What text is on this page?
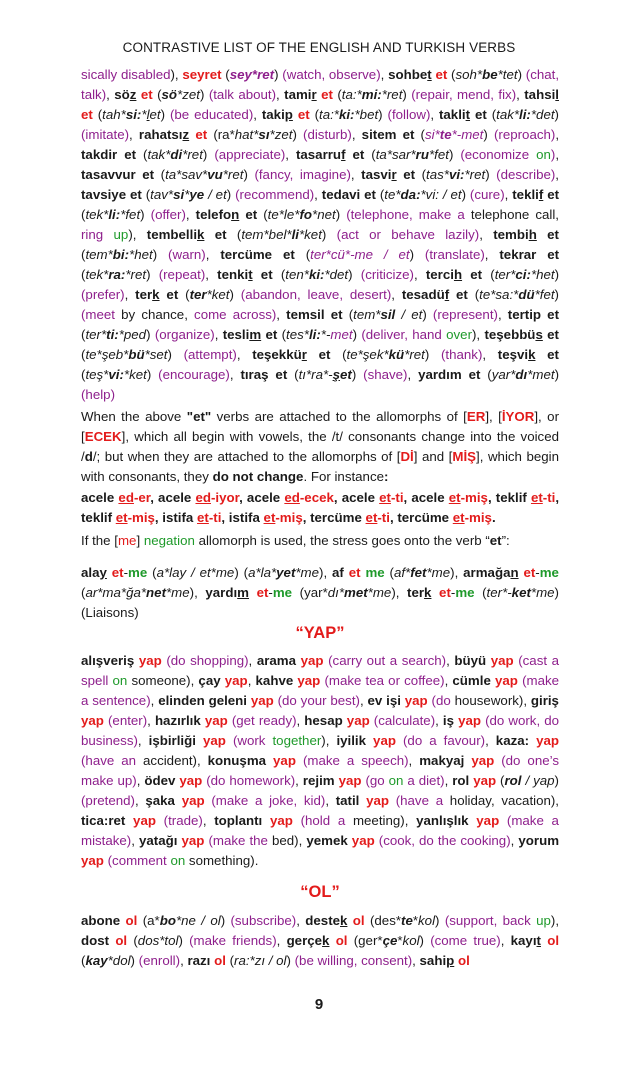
CONTRASTIVE LIST OF THE ENGLISH AND TURKISH VERBS
sically disabled), seyret (sey*ret) (watch, observe), sohbet et (soh*be*tet) (chat, talk), söz et (sö*zet) (talk about), tamir et (ta:*mi:*ret) (repair, mend, fix), tahsil et (tah*si:*let) (be educated), takip et (ta:*ki:*bet) (follow), taklit et (tak*li:*det) (imitate), rahatsız et (ra*hat*sı*zet) (disturb), sitem et (si*te*-met) (reproach), takdir et (tak*di*ret) (appreciate), tasarruf et (ta*sar*ru*fet) (economize on), tasavvur et (ta*sav*vu*ret) (fancy, imagine), tasvir et (tas*vi:*ret) (describe), tavsiye et (tav*si*ye / et) (recommend), tedavi et (te*da:*vi: / et) (cure), teklif et (tek*li:*fet) (offer), telefon et (te*le*fo*net) (telephone, make a telephone call, ring up), tembellik et (tem*bel*li*ket) (act or behave lazily), tembih et (tem*bi:*het) (warn), tercüme et (ter*cü*-me / et) (translate), tekrar et (tek*ra:*ret) (repeat), tenkit et (ten*ki:*det) (criticize), tercih et (ter*ci:*het) (prefer), terk et (ter*ket) (abandon, leave, desert), tesadüf et (te*sa:*dü*fet) (meet by chance, come across), temsil et (tem*sil / et) (represent), tertip et (ter*ti:*ped) (organize), teslim et (tes*li:*-met) (deliver, hand over), teşebbüs et (te*şeb*bü*set) (attempt), teşekkür et (te*şek*kü*ret) (thank), teşvik et (teş*vi:*ket) (encourage), tıraş et (tı*ra*-şet) (shave), yardım et (yar*dı*met) (help)
When the above "et" verbs are attached to the allomorphs of [ER], [İYOR], or [ECEK], which all begin with vowels, the /t/ consonants change into the voiced /d/; but when they are attached to the allomorphs of [Dİ] and [MİŞ], which begin with consonants, they do not change. For instance:
acele ed-er, acele ed-iyor, acele ed-ecek, acele et-ti, acele et-miş, teklif et-ti, teklif et-miş, istifa et-ti, istifa et-miş, tercüme et-ti, tercüme et-miş.
If the [me] negation allomorph is used, the stress goes onto the verb “et”:
alay et-me (a*lay / et*me) (a*la*yet*me), af et me (af*fet*me), armağan et-me (ar*ma*ğa*net*me), yardım et-me (yar*dı*met*me), terk et-me (ter*-ket*me) (Liaisons)
“YAP”
alışveriş yap (do shopping), arama yap (carry out a search), büyü yap (cast a spell on someone), çay yap, kahve yap (make tea or coffee), cümle yap (make a sentence), elinden geleni yap (do your best), ev işi yap (do housework), giriş yap (enter), hazırlık yap (get ready), hesap yap (calculate), iş yap (do work, do business), işbirliği yap (work together), iyilik yap (do a favour), kaza: yap (have an accident), konuşma yap (make a speech), makyaj yap (do one’s make up), ödev yap (do homework), rejim yap (go on a diet), rol yap (rol / yap) (pretend), şaka yap (make a joke, kid), tatil yap (have a holiday, vacation), tica:ret yap (trade), toplantı yap (hold a meeting), yanlışlık yap (make a mistake), yatağı yap (make the bed), yemek yap (cook, do the cooking), yorum yap (comment on something).
“OL”
abone ol (a*bo*ne / ol) (subscribe), destek ol (des*te*kol) (support, back up), dost ol (dos*tol) (make friends), gerçek ol (ger*çe*kol) (come true), kayıt ol (kay*dol) (enroll), razı ol (ra:*zı / ol) (be willing, consent), sahip ol
9
